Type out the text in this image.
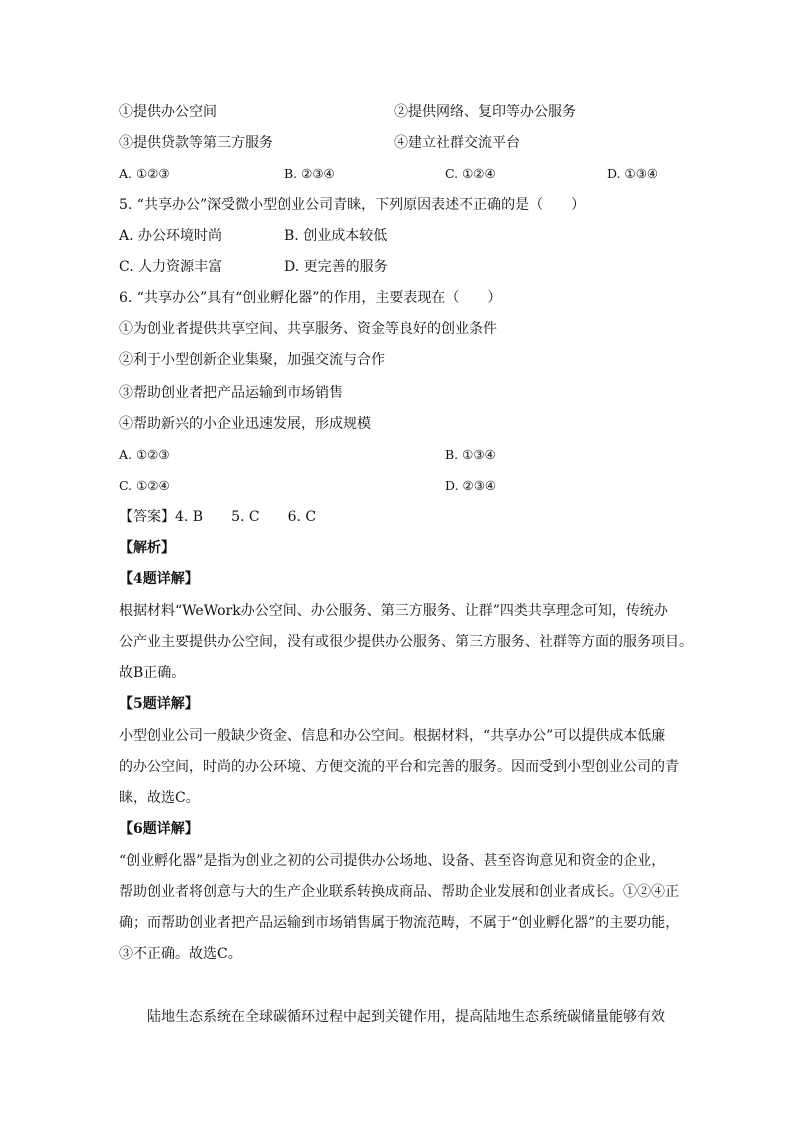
①提供办公空间	②提供网络、复印等办公服务
③提供贷款等第三方服务	④建立社群交流平台
A. ①②③	B. ②③④	C. ①②④	D. ①③④
5. “共享办公”深受微小型创业公司青睐，下列原因表述不正确的是（　　）
A. 办公环境时尚	B. 创业成本较低
C. 人力资源丰富	D. 更完善的服务
6. “共享办公”具有“创业孵化器”的作用，主要表现在（　　）
①为创业者提供共享空间、共享服务、资金等良好的创业条件
②利于小型创新企业集聚，加强交流与合作
③帮助创业者把产品运输到市场销售
④帮助新兴的小企业迅速发展，形成规模
A. ①②③	B. ①③④
C. ①②④	D. ②③④
【答案】4. B　　5. C　　6. C
【解析】
【4题详解】
根据材料“WeWork办公空间、办公服务、第三方服务、让群”四类共享理念可知，传统办
公产业主要提供办公空间，没有或很少提供办公服务、第三方服务、社群等方面的服务项目。
故B正确。
【5题详解】
小型创业公司一般缺少资金、信息和办公空间。根据材料，“共享办公”可以提供成本低廉
的办公空间，时尚的办公环境、方便交流的平台和完善的服务。因而受到小型创业公司的青
睐，故选C。
【6题详解】
“创业孵化器”是指为创业之初的公司提供办公场地、设备、甚至咨询意见和资金的企业，
帮助创业者将创意与大的生产企业联系转换成商品、帮助企业发展和创业者成长。①②④正
确；而帮助创业者把产品运输到市场销售属于物流范畴，不属于“创业孵化器”的主要功能，
③不正确。故选C。
陆地生态系统在全球碳循环过程中起到关键作用，提高陆地生态系统碳储量能够有效
